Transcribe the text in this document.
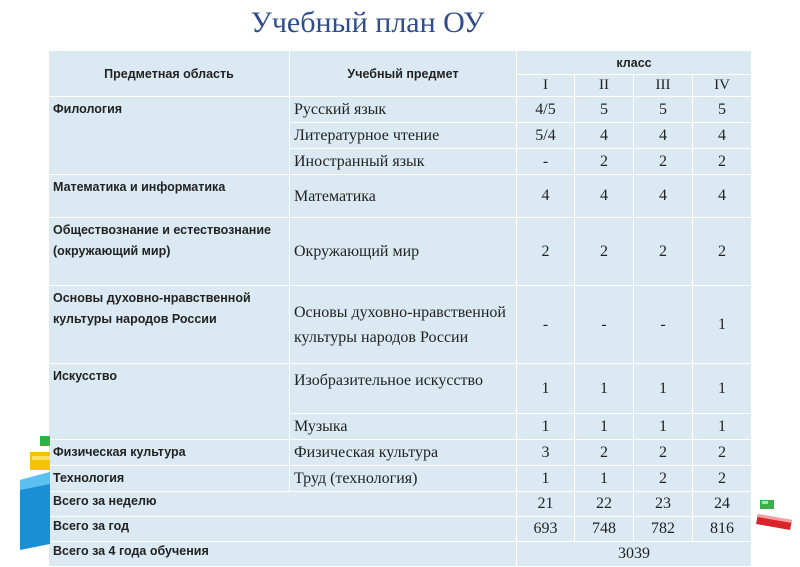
Учебный план ОУ
Предметная область	Учебный предмет	класс			
		I	II	III	IV
Филология	Русский язык	4/5	5	5	5
	Литературное чтение	5/4	4	4	4
	Иностранный язык	-	2	2	2
Математика и информатика	Математика	4	4	4	4
Обществознание и естествознание (окружающий мир)	Окружающий мир	2	2	2	2
Основы духовно-нравственной культуры народов России	Основы духовно-нравственной культуры народов России	-	-	-	1
Искусство	Изобразительное искусство	1	1	1	1
	Музыка	1	1	1	1
Физическая культура	Физическая культура	3	2	2	2
Технология	Труд (технология)	1	1	2	2
Всего за неделю		21	22	23	24
Всего за год		693	748	782	816
Всего за 4 года обучения		3039			
